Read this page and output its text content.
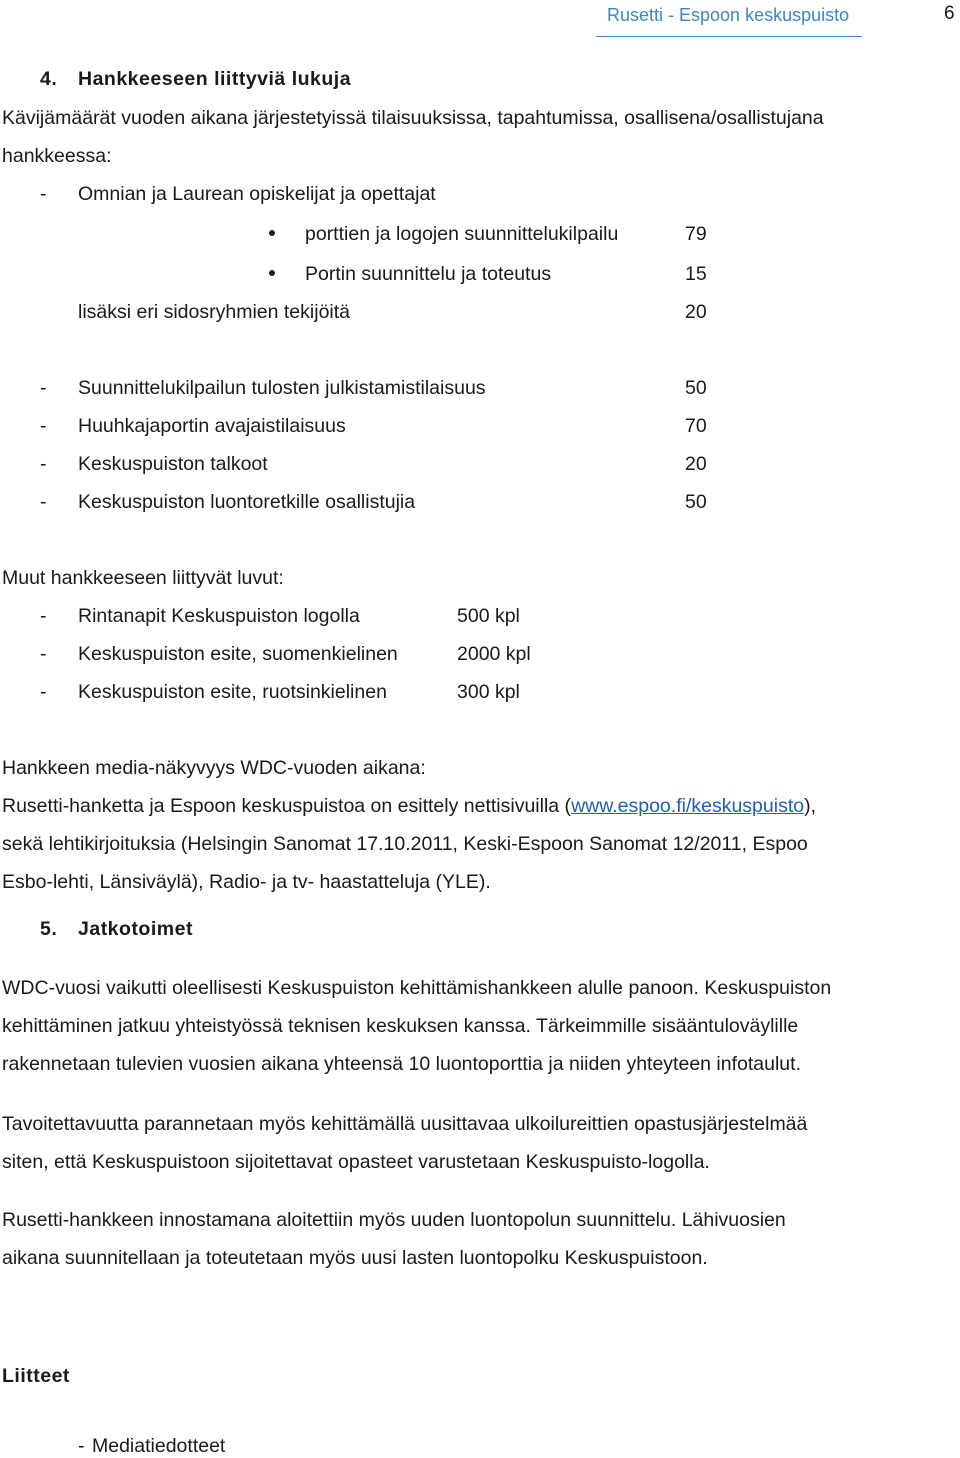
Rusetti - Espoon keskuspuisto	6
4. Hankkeeseen liittyviä lukuja
Kävijämäärät vuoden aikana järjestetyissä tilaisuuksissa, tapahtumissa, osallisena/osallistujana
hankkeessa:
- Omnian ja Laurean opiskelijat ja opettajat
porttien ja logojen suunnittelukilpailu	79
Portin suunnittelu ja toteutus	15
lisäksi eri sidosryhmien tekijöitä	20
- Suunnittelukilpailun tulosten julkistamistilaisuus	50
- Huuhkajaportin avajaistilaisuus	70
- Keskuspuiston talkoot	20
- Keskuspuiston luontoretkille osallistujia	50
Muut hankkeeseen liittyvät luvut:
- Rintanapit Keskuspuiston logolla	500 kpl
- Keskuspuiston esite, suomenkielinen	2000 kpl
- Keskuspuiston esite, ruotsinkielinen	300 kpl
Hankkeen media-näkyvyys WDC-vuoden aikana:
Rusetti-hanketta ja Espoon keskuspuistoa on esittely nettisivuilla (www.espoo.fi/keskuspuisto),
sekä lehtikirjoituksia (Helsingin Sanomat 17.10.2011, Keski-Espoon Sanomat 12/2011, Espoo
Esbo-lehti, Länsiväylä), Radio- ja tv- haastatteluja (YLE).
5. Jatkotoimet
WDC-vuosi vaikutti oleellisesti Keskuspuiston kehittämishankkeen alulle panoon. Keskuspuiston
kehittäminen jatkuu yhteistyössä teknisen keskuksen kanssa. Tärkeimmille sisääntuloväylille
rakennetaan tulevien vuosien aikana yhteensä 10 luontoporttia ja niiden yhteyteen infotaulut.
Tavoitettavuutta parannetaan myös kehittämällä uusittavaa ulkoilureittien opastusjärjestelmää
siten, että Keskuspuistoon sijoitettavat opasteet varustetaan Keskuspuisto-logolla.
Rusetti-hankkeen innostamana aloitettiin myös uuden luontopolun suunnittelu. Lähivuosien
aikana suunnitellaan ja toteutetaan myös uusi lasten luontopolku Keskuspuistoon.
Liitteet
- Mediatiedotteet
